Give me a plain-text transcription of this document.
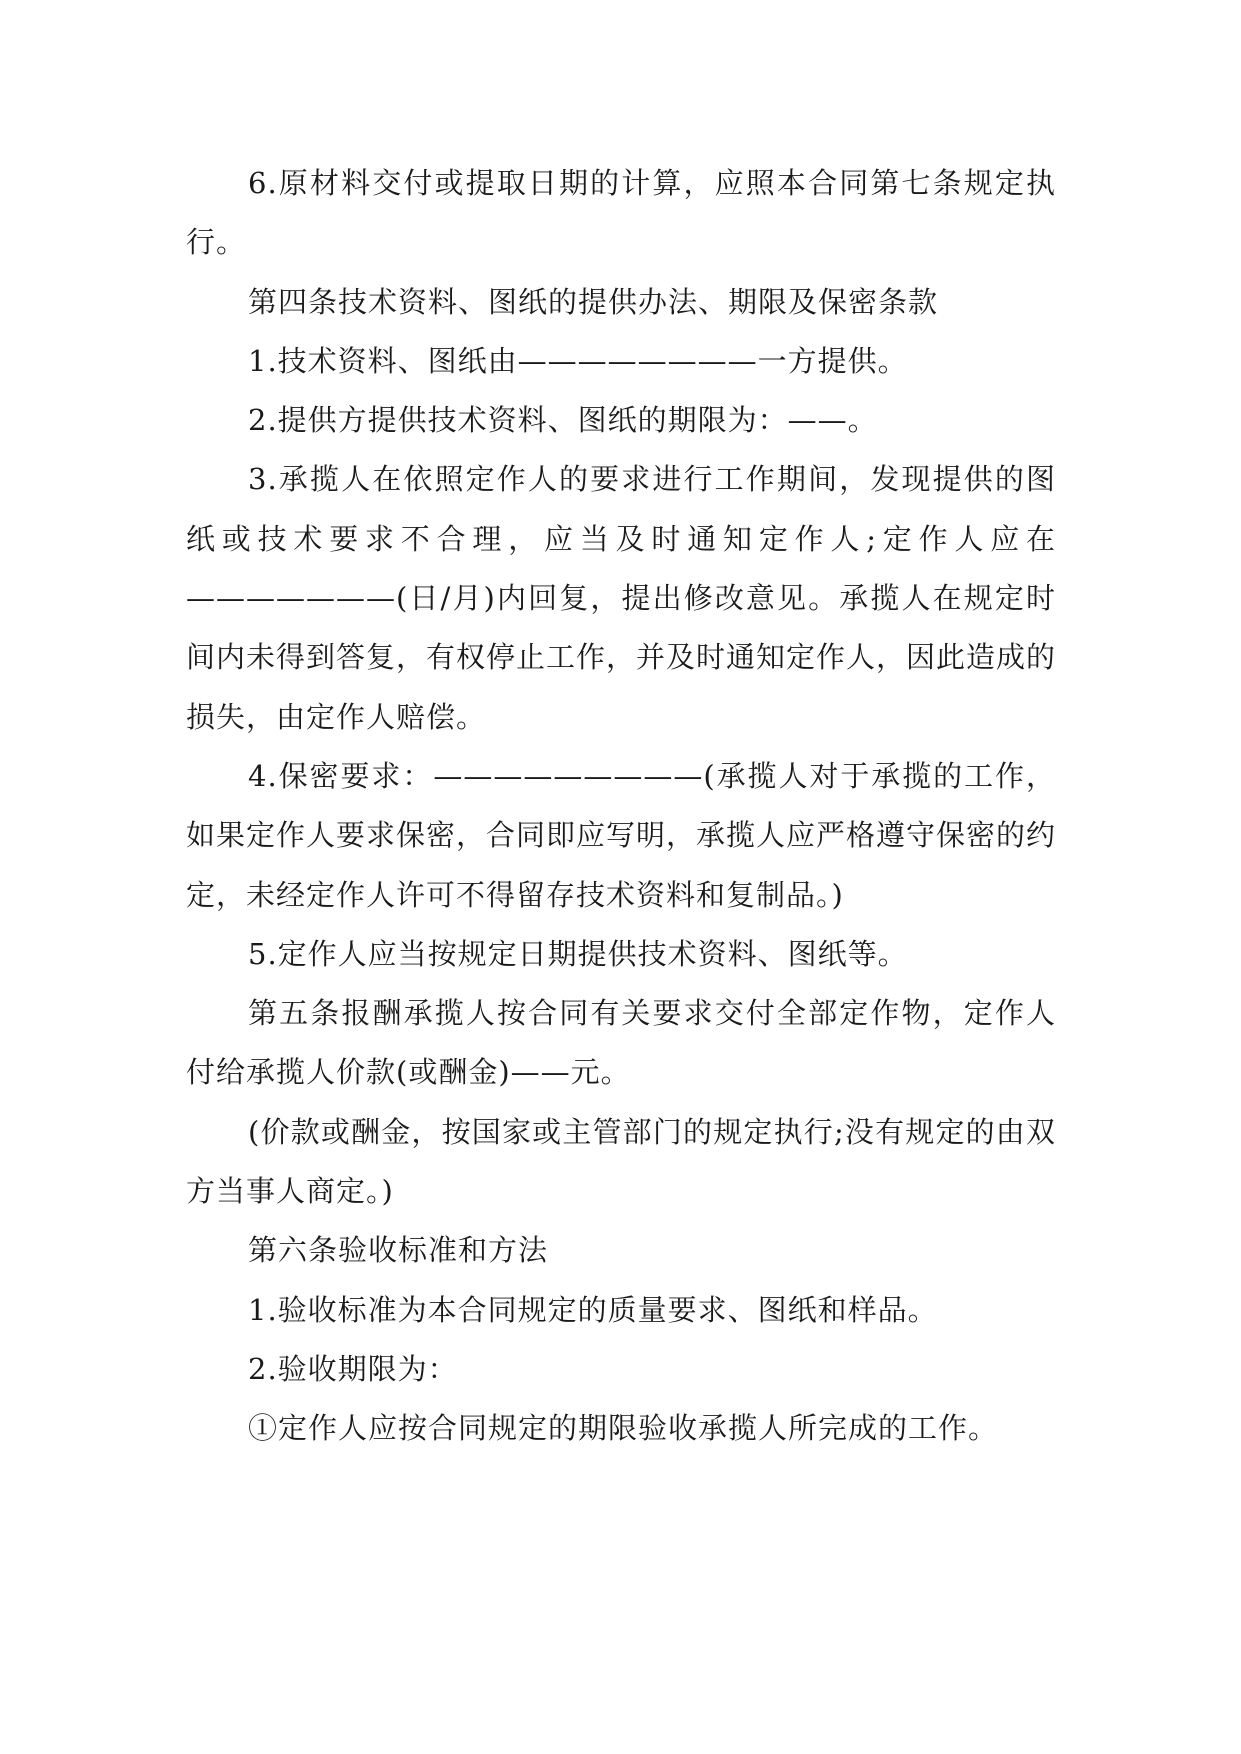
6.原材料交付或提取日期的计算，应照本合同第七条规定执行。

第四条技术资料、图纸的提供办法、期限及保密条款

1.技术资料、图纸由————————一方提供。

2.提供方提供技术资料、图纸的期限为：——。

3.承揽人在依照定作人的要求进行工作期间，发现提供的图纸或技术要求不合理，应当及时通知定作人;定作人应在———————(日/月)内回复，提出修改意见。承揽人在规定时间内未得到答复，有权停止工作，并及时通知定作人，因此造成的损失，由定作人赔偿。

4.保密要求：—————————(承揽人对于承揽的工作，如果定作人要求保密，合同即应写明，承揽人应严格遵守保密的约定，未经定作人许可不得留存技术资料和复制品。)

5.定作人应当按规定日期提供技术资料、图纸等。

第五条报酬承揽人按合同有关要求交付全部定作物，定作人付给承揽人价款(或酬金)——元。

(价款或酬金，按国家或主管部门的规定执行;没有规定的由双方当事人商定。)

第六条验收标准和方法

1.验收标准为本合同规定的质量要求、图纸和样品。

2.验收期限为：

①定作人应按合同规定的期限验收承揽人所完成的工作。
